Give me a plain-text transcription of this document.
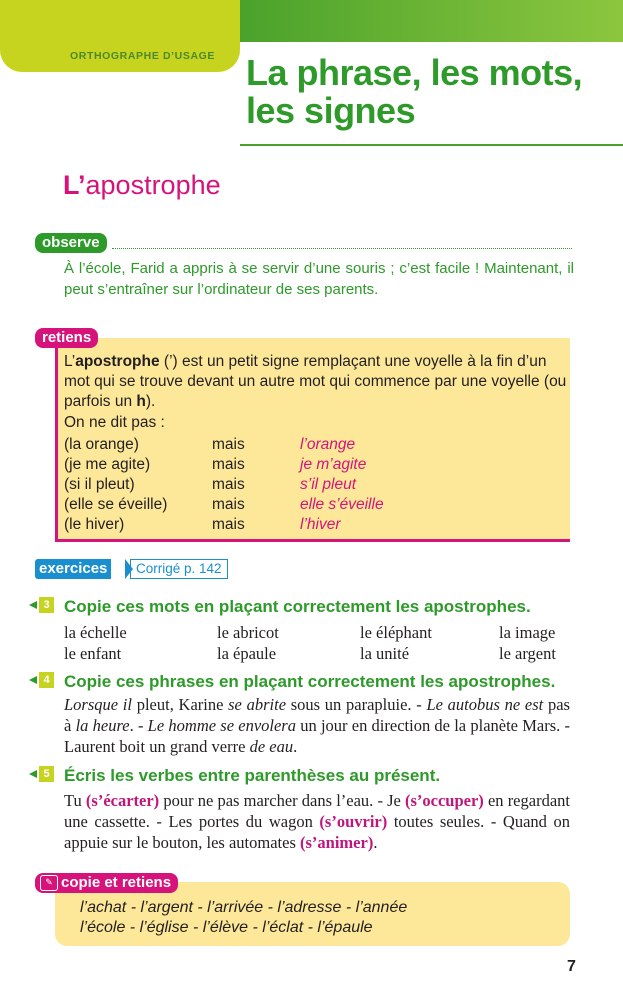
ORTHOGRAPHE D’USAGE La phrase, les mots,
les signes
L’apostrophe
observe
À l’école, Farid a appris à se servir d’une souris ; c’est facile ! Maintenant, il peut s’entraîner sur l’ordinateur de ses parents.
retiens
L’apostrophe (’) est un petit signe remplaçant une voyelle à la fin d’un mot qui se trouve devant un autre mot qui commence par une voyelle (ou parfois un h).
On ne dit pas :
(la orange)	mais	l’orange
(je me agite)	mais	je m’agite
(si il pleut)	mais	s’il pleut
(elle se éveille)	mais	elle s’éveille
(le hiver)	mais	l’hiver
exercices	Corrigé p. 142
3 Copie ces mots en plaçant correctement les apostrophes.
la échelle	le abricot	le éléphant	la image
le enfant	la épaule	la unité	le argent
4 Copie ces phrases en plaçant correctement les apostrophes.
Lorsque il pleut, Karine se abrite sous un parapluie. - Le autobus ne est pas à la heure. - Le homme se envolera un jour en direction de la planète Mars. - Laurent boit un grand verre de eau.
5 Écris les verbes entre parenthèses au présent.
Tu (s’écarter) pour ne pas marcher dans l’eau. - Je (s’occuper) en regardant une cassette. - Les portes du wagon (s’ouvrir) toutes seules. - Quand on appuie sur le bouton, les automates (s’animer).
copie et retiens
✎
l’achat - l’argent - l’arrivée - l’adresse - l’année
l’école - l’église - l’élève - l’éclat - l’épaule
7
